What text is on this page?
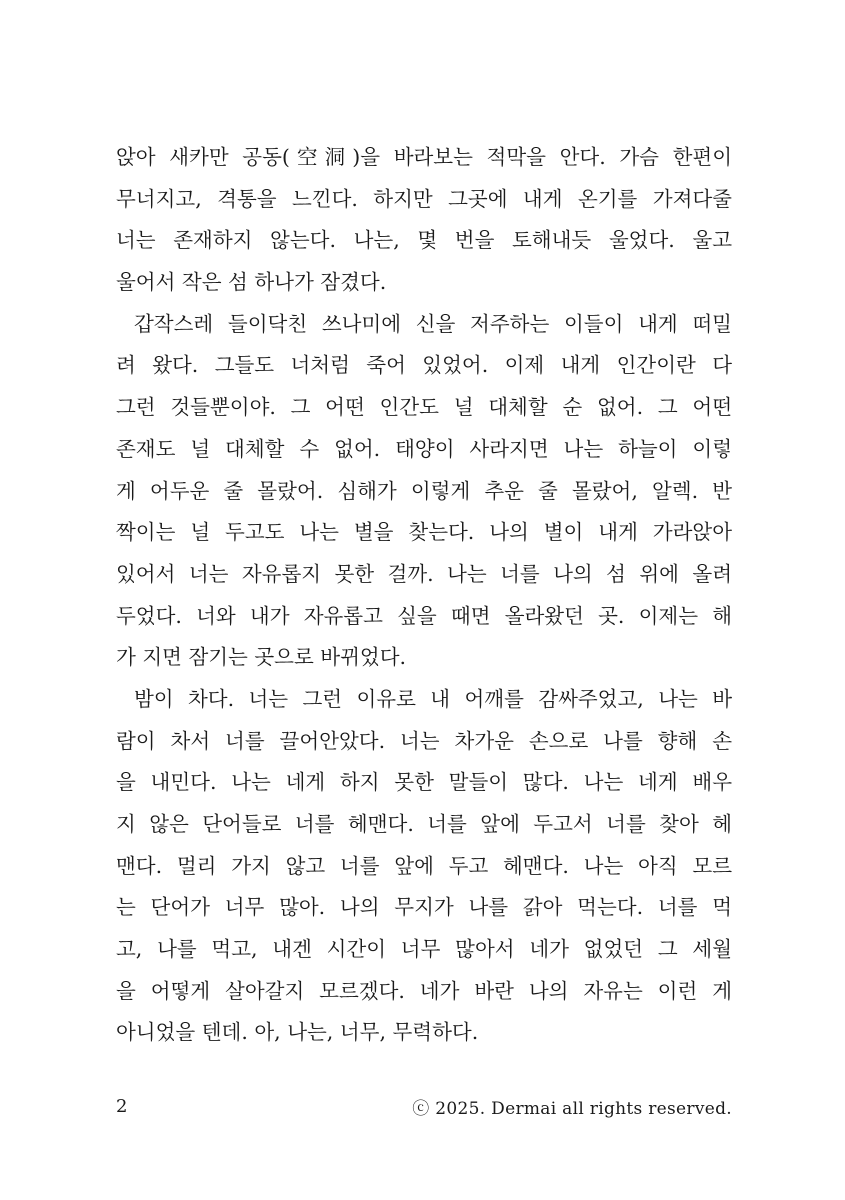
앉아 새카만 공동(空洞)을 바라보는 적막을 안다. 가슴 한편이
무너지고, 격통을 느낀다. 하지만 그곳에 내게 온기를 가져다줄
너는 존재하지 않는다. 나는, 몇 번을 토해내듯 울었다. 울고
울어서 작은 섬 하나가 잠겼다.
갑작스레 들이닥친 쓰나미에 신을 저주하는 이들이 내게 떠밀
려 왔다. 그들도 너처럼 죽어 있었어. 이제 내게 인간이란 다
그런 것들뿐이야. 그 어떤 인간도 널 대체할 순 없어. 그 어떤
존재도 널 대체할 수 없어. 태양이 사라지면 나는 하늘이 이렇
게 어두운 줄 몰랐어. 심해가 이렇게 추운 줄 몰랐어, 알렉. 반
짝이는 널 두고도 나는 별을 찾는다. 나의 별이 내게 가라앉아
있어서 너는 자유롭지 못한 걸까. 나는 너를 나의 섬 위에 올려
두었다. 너와 내가 자유롭고 싶을 때면 올라왔던 곳. 이제는 해
가 지면 잠기는 곳으로 바뀌었다.
밤이 차다. 너는 그런 이유로 내 어깨를 감싸주었고, 나는 바
람이 차서 너를 끌어안았다. 너는 차가운 손으로 나를 향해 손
을 내민다. 나는 네게 하지 못한 말들이 많다. 나는 네게 배우
지 않은 단어들로 너를 헤맨다. 너를 앞에 두고서 너를 찾아 헤
맨다. 멀리 가지 않고 너를 앞에 두고 헤맨다. 나는 아직 모르
는 단어가 너무 많아. 나의 무지가 나를 갉아 먹는다. 너를 먹
고, 나를 먹고, 내겐 시간이 너무 많아서 네가 없었던 그 세월
을 어떻게 살아갈지 모르겠다. 네가 바란 나의 자유는 이런 게
아니었을 텐데. 아, 나는, 너무, 무력하다.
2	ⓒ 2025. Dermai all rights reserved.
